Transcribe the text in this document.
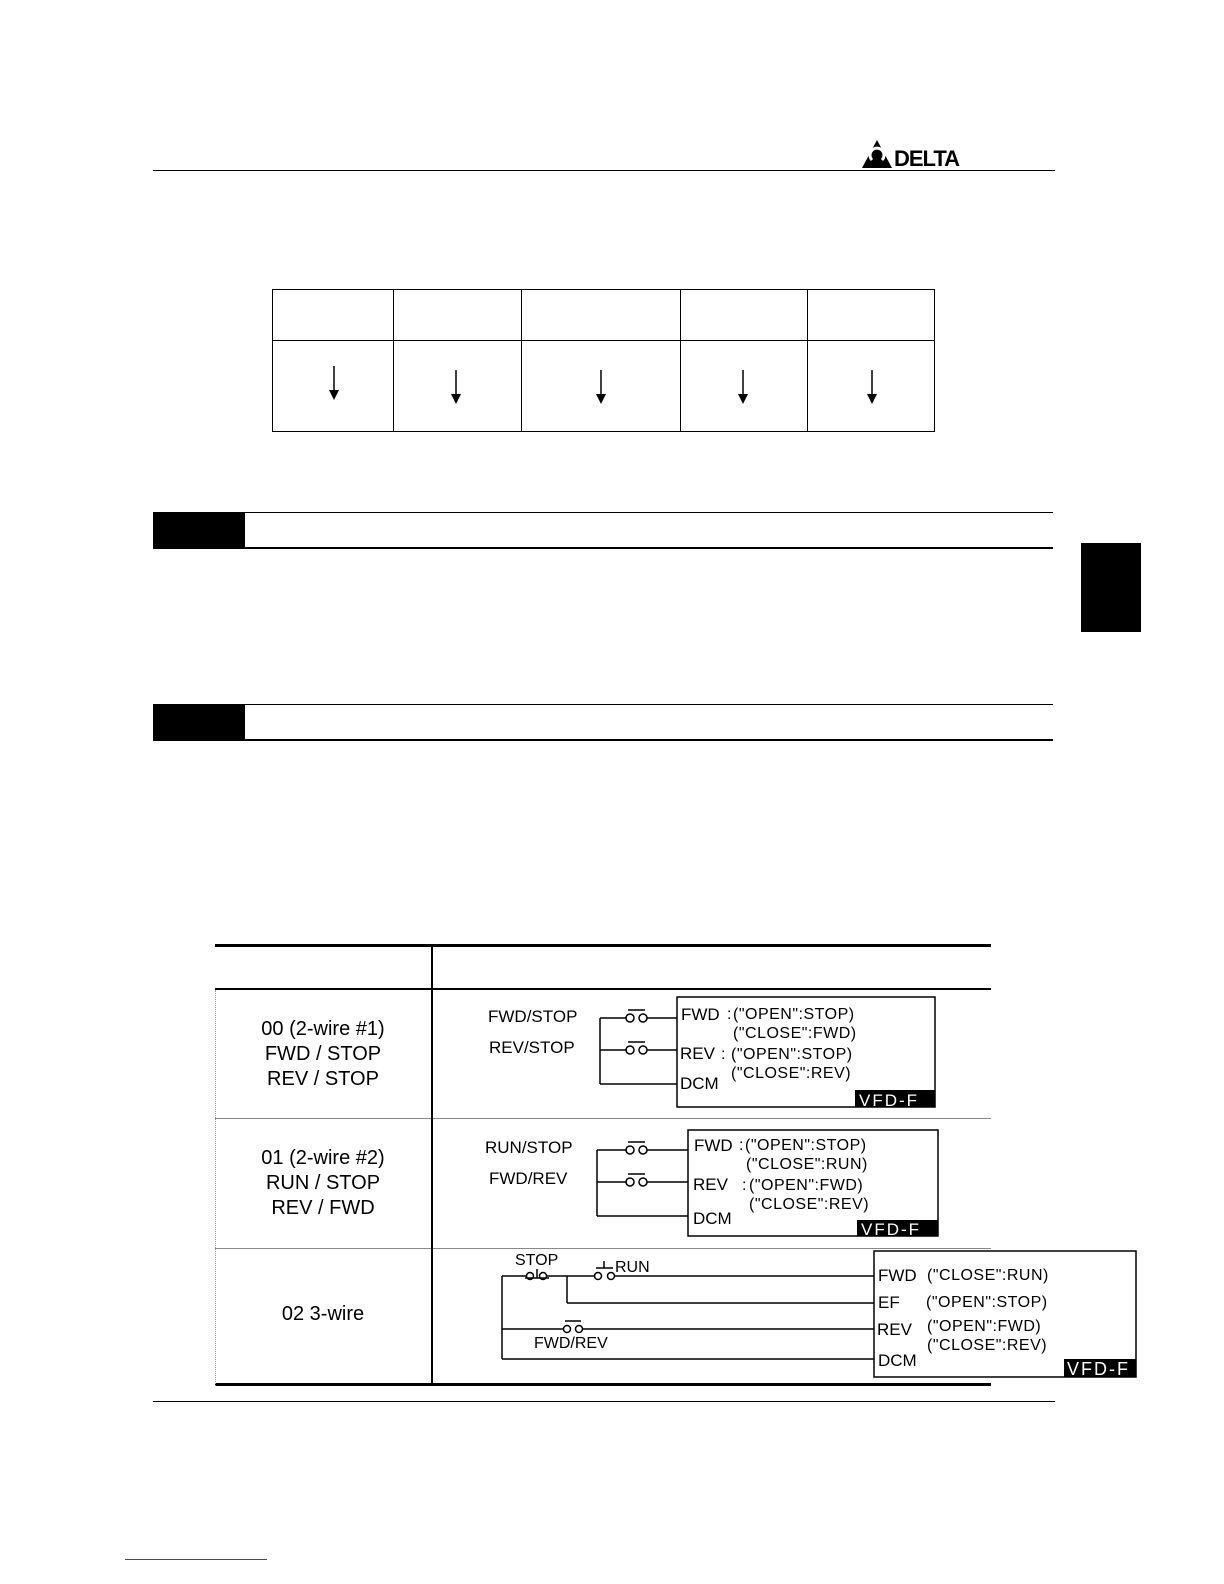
DELTA
00 (2-wire #1)
FWD / STOP
REV / STOP
01 (2-wire #2)
RUN / STOP
REV / FWD
02 3-wire
FWD/STOP
REV/STOP
FWD : ("OPEN":STOP)
("CLOSE":FWD)
REV : ("OPEN":STOP)
("CLOSE":REV)
DCM
VFD-F
RUN/STOP
FWD/REV
FWD : ("OPEN":STOP)
("CLOSE":RUN)
REV : ("OPEN":FWD)
("CLOSE":REV)
DCM
VFD-F
STOP	RUN
FWD/REV
FWD
EF
REV
DCM
("CLOSE":RUN)
("OPEN":STOP)
("OPEN":FWD)
("CLOSE":REV)
VFD-F
